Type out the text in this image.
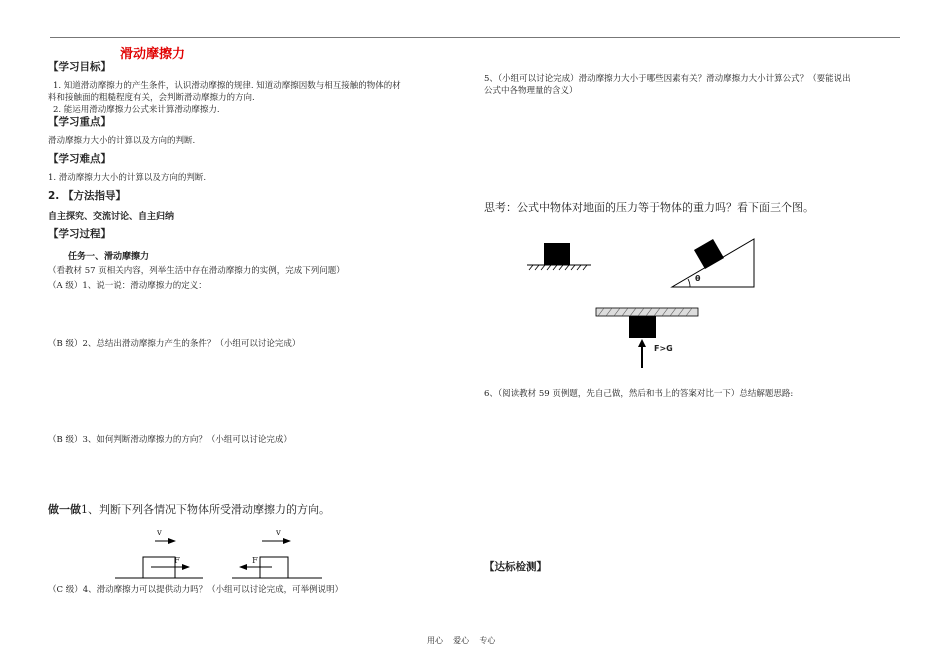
滑动摩擦力
【学习目标】
1. 知道滑动摩擦力的产生条件，认识滑动摩擦的规律. 知道动摩擦因数与相互接触的物体的材
料和接触面的粗糙程度有关，会判断滑动摩擦力的方向.
2. 能运用滑动摩擦力公式来计算滑动摩擦力.
【学习重点】
滑动摩擦力大小的计算以及方向的判断.
【学习难点】
1. 滑动摩擦力大小的计算以及方向的判断.
2. 【方法指导】
自主探究、交流讨论、自主归纳
【学习过程】
任务一、滑动摩擦力
（看教材 57 页相关内容，列举生活中存在滑动摩擦力的实例，完成下列问题）
（A 级）1、说一说：滑动摩擦力的定义：
（B 级）2、总结出滑动摩擦力产生的条件？（小组可以讨论完成）
（B 级）3、如何判断滑动摩擦力的方向？（小组可以讨论完成）
做一做1、判断下列各情况下物体所受滑动摩擦力的方向。
v
F
v
F
（C 级）4、滑动摩擦力可以提供动力吗？（小组可以讨论完成，可举例说明）
5、（小组可以讨论完成）滑动摩擦力大小于哪些因素有关？滑动摩擦力大小计算公式？（要能说出
公式中各物理量的含义）
思考：公式中物体对地面的压力等于物体的重力吗？看下面三个图。
θ
F>G
6、（阅读教材 59 页例题，先自己做，然后和书上的答案对比一下）总结解题思路:
【达标检测】
用心    爱心    专心
